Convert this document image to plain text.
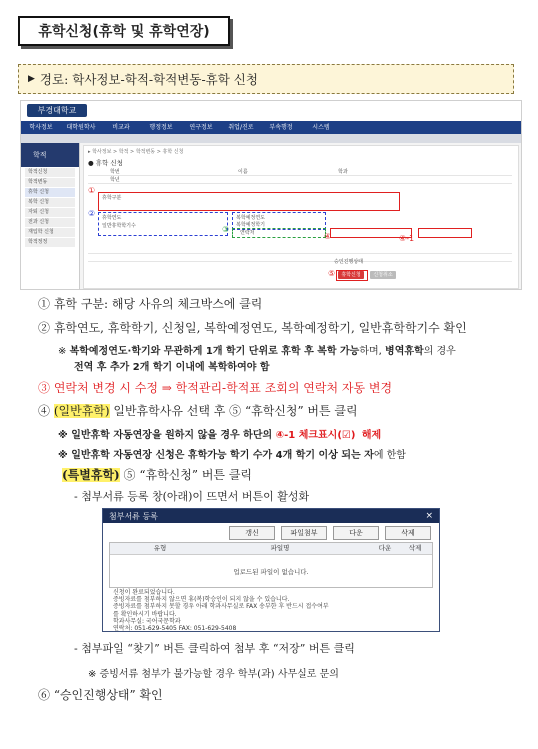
휴학신청(휴학 및 휴학연장)
▶ 경로: 학사정보-학적-학적변동-휴학 신청
부경대학교
학사정보	대학원학사	비교과	행정정보	연구정보	취업/진로	부속행정	시스템
학적
학적신청
학적변동
휴학 신청
복학 신청
자퇴 신청
전과 신청
재입학 신청
학적정정
▸ 학사정보 > 학적 > 학적변동 > 휴학 신청
● 휴학 신청
학번	이름	학과
학년
①
휴학구분
② 휴학연도
일반휴학학기수
복학예정연도
복학예정학기
③ 연락처	④	④-1
⑤	휴학신청	신청취소
승인진행상태
① 휴학 구분: 해당 사유의 체크박스에 클릭
② 휴학연도, 휴학학기, 신청일, 복학예정연도, 복학예정학기, 일반휴학학기수 확인
※ 복학예정연도·학기와 무관하게 1개 학기 단위로 휴학 후 복학 가능하며, 병역휴학의 경우
전역 후 추가 2개 학기 이내에 복학하여야 함
③ 연락처 변경 시 수정 ⇒ 학적관리-학적표 조회의 연락처 자동 변경
④ (일반휴학) 일반휴학사유 선택 후 ⑤ “휴학신청” 버튼 클릭
※ 일반휴학 자동연장을 원하지 않을 경우 하단의 ④-1 체크표시(☑) 해제
※ 일반휴학 자동연장 신청은 휴학가능 학기 수가 4개 학기 이상 되는 자에 한함
(특별휴학) ⑤ “휴학신청” 버튼 클릭
- 첨부서류 등록 창(아래)이 뜨면서 버튼이 활성화
첨부서류 등록	×
갱신	파일첨부	다운	삭제
유형	파일명	다운	삭제
업로드된 파일이 없습니다.
신청이 완료되었습니다.
증빙자료를 첨부하지 않으면 휴(복)학승인이 되지 않을 수 있습니다.
증빙자료를 첨부하지 못할 경우 아래 학과사무실로 FAX 송부한 후 반드시 접수여부
를 확인하시기 바랍니다.
학과사무실: 국어국문학과
연락처: 051-629-5405 FAX: 051-629-5408
- 첨부파일 “찾기” 버튼 클릭하여 첨부 후 “저장” 버튼 클릭
※ 증빙서류 첨부가 불가능할 경우 학부(과) 사무실로 문의
⑥ “승인진행상태” 확인
